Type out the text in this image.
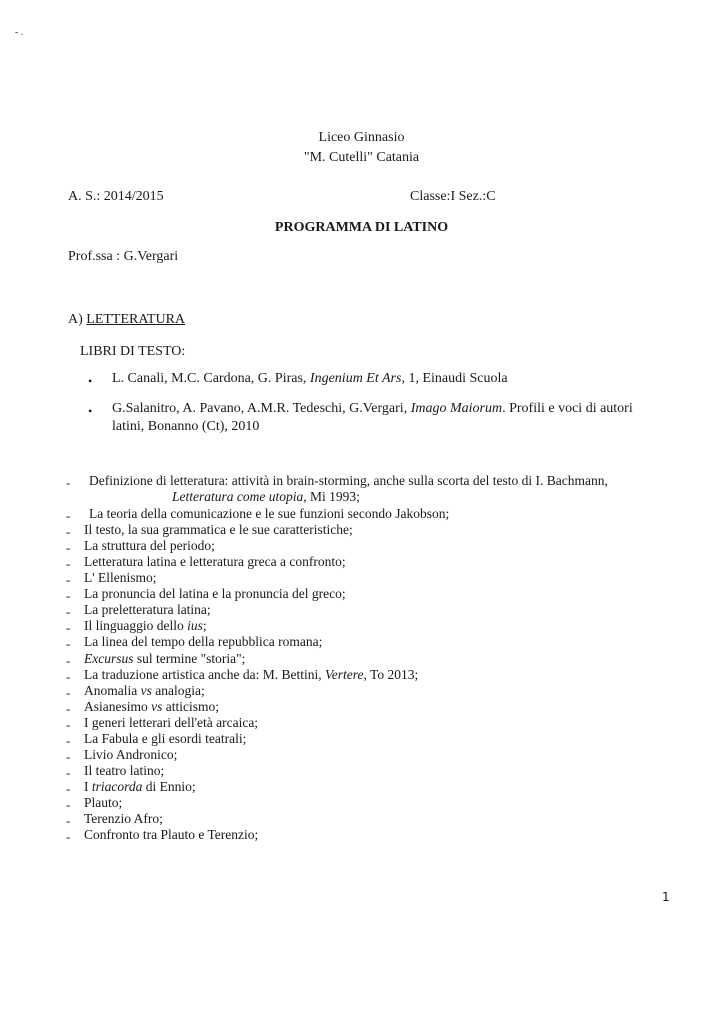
- .
Liceo Ginnasio
"M. Cutelli" Catania
A. S.: 2014/2015	Classe:I Sez.:C
PROGRAMMA DI LATINO
Prof.ssa : G.Vergari
A) LETTERATURA
LIBRI DI TESTO:
• L. Canali, M.C. Cardona, G. Piras, Ingenium Et Ars, 1, Einaudi Scuola
• G.Salanitro, A. Pavano, A.M.R. Tedeschi, G.Vergari, Imago Maiorum. Profili e voci di autori
latini, Bonanno (Ct), 2010
- Definizione di letteratura: attività in brain-storming, anche sulla scorta del testo di I. Bachmann,
Letteratura come utopia, Mi 1993;
- La teoria della comunicazione e le sue funzioni secondo Jakobson;
- Il testo, la sua grammatica e le sue caratteristiche;
- La struttura del periodo;
- Letteratura latina e letteratura greca a confronto;
- L' Ellenismo;
- La pronuncia del latina e la pronuncia del greco;
- La preletteratura latina;
- Il linguaggio dello ius;
- La linea del tempo della repubblica romana;
- Excursus sul termine "storia";
- La traduzione artistica anche da: M. Bettini, Vertere, To 2013;
- Anomalia vs analogia;
- Asianesimo vs atticismo;
- I generi letterari dell'età arcaica;
- La Fabula e gli esordi teatrali;
- Livio Andronico;
- Il teatro latino;
- I triacorda di Ennio;
- Plauto;
- Terenzio Afro;
- Confronto tra Plauto e Terenzio;
1
